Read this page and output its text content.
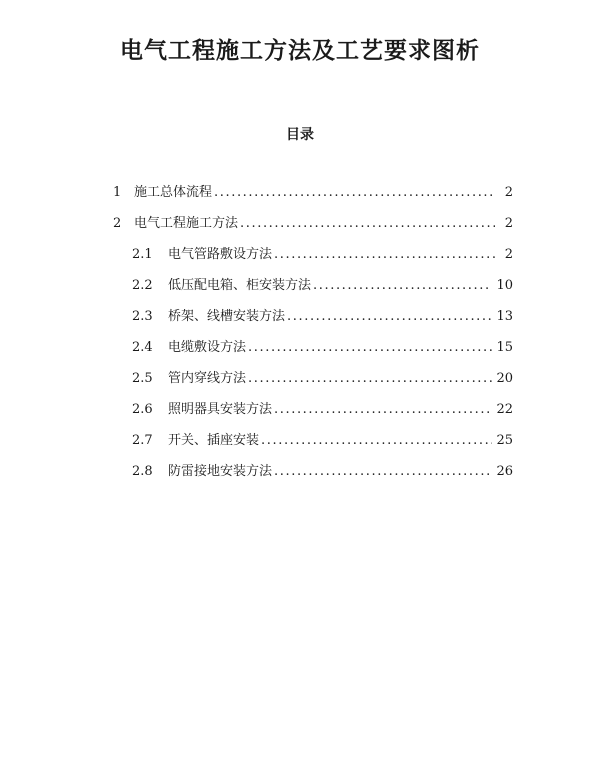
电气工程施工方法及工艺要求图析
目录
1 施工总体流程 .....	2
2 电气工程施工方法 .....	2
2.1	电气管路敷设方法 .....	2
2.2	低压配电箱、柜安装方法 .....	10
2.3	桥架、线槽安装方法 .....	13
2.4	电缆敷设方法 .....	15
2.5	管内穿线方法 .....	20
2.6	照明器具安装方法 .....	22
2.7	开关、插座安装 .....	25
2.8	防雷接地安装方法 .....	26
